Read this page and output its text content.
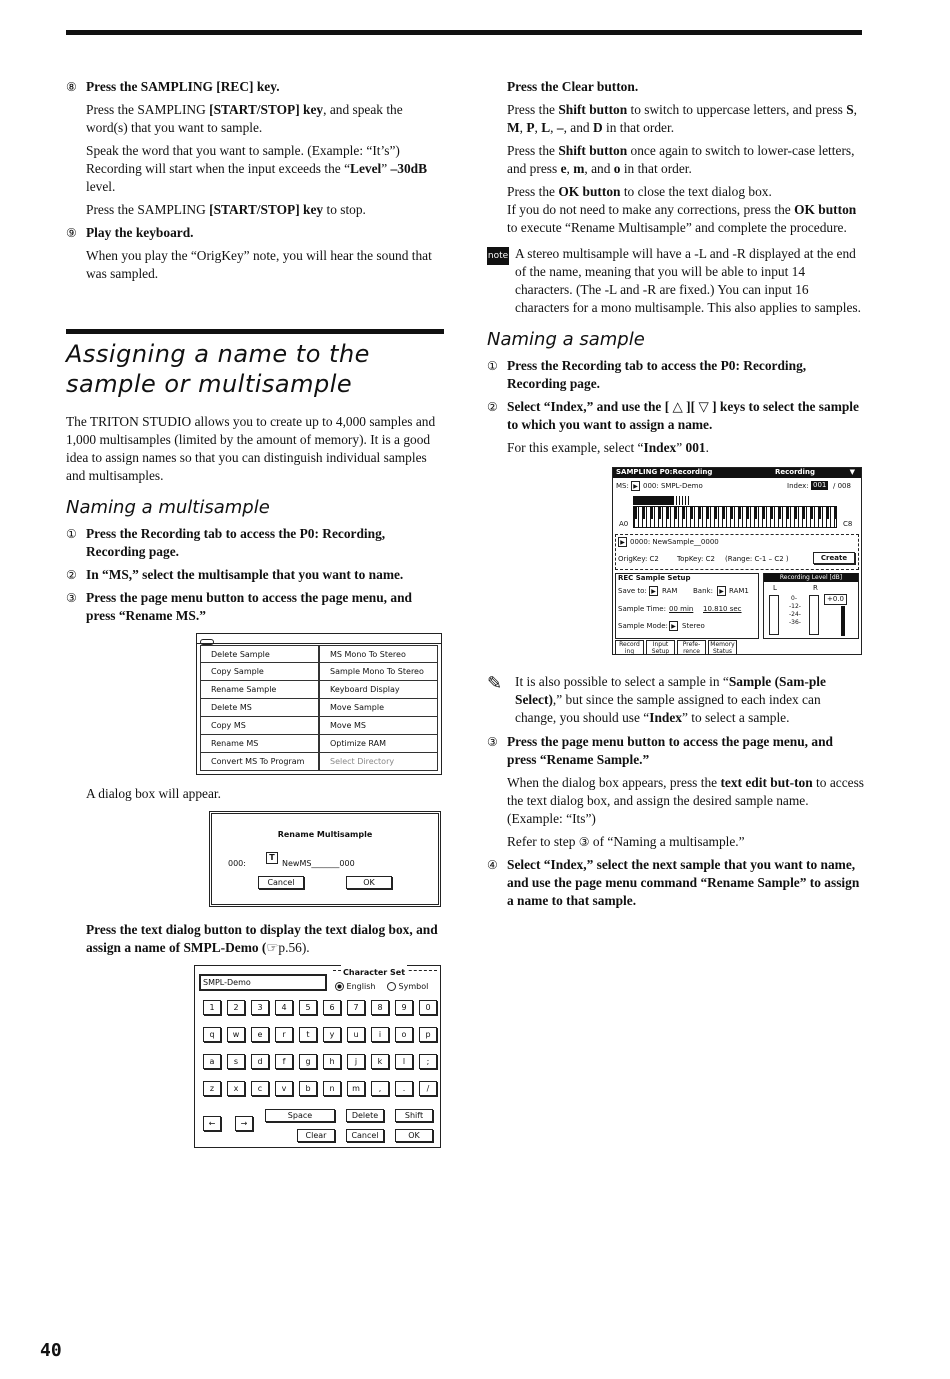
⑧ Press the SAMPLING [REC] key.

Press the SAMPLING [START/STOP] key, and speak the word(s) that you want to sample.

Speak the word that you want to sample. (Example: “It’s”)

Recording will start when the input exceeds the “Level” –30dB level.

Press the SAMPLING [START/STOP] key to stop.

⑨ Play the keyboard.

When you play the “OrigKey” note, you will hear the sound that was sampled.

Assigning a name to the sample or multisample

The TRITON STUDIO allows you to create up to 4,000 samples and 1,000 multisamples (limited by the amount of memory). It is a good idea to assign names so that you can distinguish individual samples and multisamples.

Naming a multisample
① Press the Recording tab to access the P0: Recording, Recording page.
② In “MS,” select the multisample that you want to name.
③ Press the page menu button to access the page menu, and press “Rename MS.”
Delete Sample	MS Mono To Stereo
Copy Sample	Sample Mono To Stereo
Rename Sample	Keyboard Display
Delete MS	Move Sample
Copy MS	Move MS
Rename MS	Optimize RAM
Convert MS To Program	Select Directory

A dialog box will appear.

Rename Multisample
000:
T
NewMS_______000
Cancel	OK
Press the text dialog button to display the text dialog box, and assign a name of SMPL-Demo (☞p.56).
SMPL-Demo
Character Set
English	Symbol
1	2	3	4	5	6	7	8	9	0
q	w	e	r	t	y	u	i	o	p
a	s	d	f	g	h	j	k	l	;
z	x	c	v	b	n	m	,	.	/
←	→
Space	Delete	Shift
Clear	Cancel	OK

Press the Clear button.

Press the Shift button to switch to uppercase letters, and press S, M, P, L, –, and D in that order.

Press the Shift button once again to switch to lower-case letters, and press e, m, and o in that order.

Press the OK button to close the text dialog box.

If you do not need to make any corrections, press the OK button to execute “Rename Multisample” and complete the procedure.

note A stereo multisample will have a -L and -R displayed at the end of the name, meaning that you will be able to input 14 characters. (The -L and -R are fixed.) You can input 16 characters for a mono multisample. This also applies to samples.
Naming a sample
① Press the Recording tab to access the P0: Recording, Recording page.
② Select “Index,” and use the [ △ ][ ▽ ] keys to select the sample to which you want to assign a name.

For this example, select “Index” 001.

SAMPLING P0:Recording	Recording	▼
MS: ▶ 000: SMPL-Demo	Index: 001 / 008
A0	C8
▶ 0000: NewSample__0000
OrigKey: C2	TopKey: C2 (Range: C-1 – C2 )	Create
REC Sample Setup
Save to: ▶ RAM Bank:	▶ RAM1
Sample Time: 00 min 10.810 sec
Sample Mode: ▶ Stereo
Recording Level [dB]
L	R
0-
-12-
-24-
-36-
+0.0
Record ing
Input Setup
Prefe- rence
Memory Status
✎ It is also possible to select a sample in “Sample (Sam-ple Select),” but since the sample assigned to each index can change, you should use “Index” to select a sample.
③ Press the page menu button to access the page menu, and press “Rename Sample.”

When the dialog box appears, press the text edit but-ton to access the text dialog box, and assign the desired sample name. (Example: “Its”)

Refer to step ③ of “Naming a multisample.”

④ Select “Index,” select the next sample that you want to name, and use the page menu command “Rename Sample” to assign a name to that sample.
40
